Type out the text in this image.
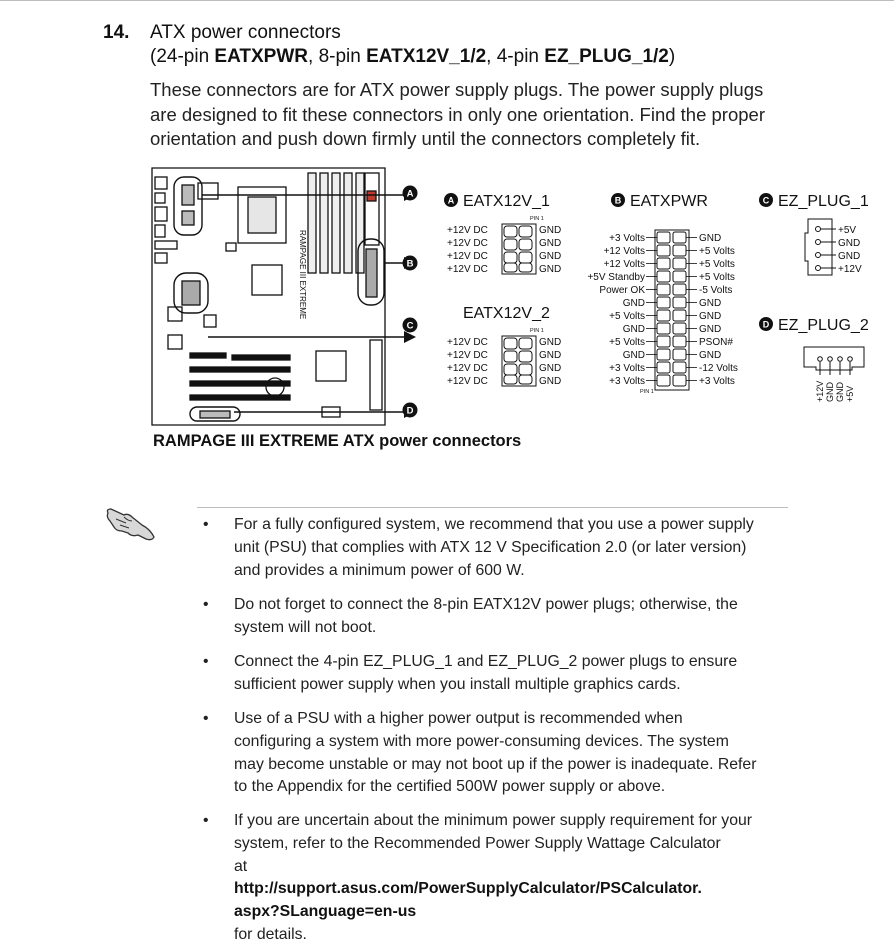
14. ATX power connectors
(24-pin EATXPWR, 8-pin EATX12V_1/2, 4-pin EZ_PLUG_1/2)

These connectors are for ATX power supply plugs. The power supply plugs
are designed to fit these connectors in only one orientation. Find the proper
orientation and push down firmly until the connectors completely fit.

RAMPAGE III EXTREME
A
B
C
D
A EATX12V_1
PIN 1
+12V DC
+12V DC
+12V DC
+12V DC
GND
GND
GND
GND
EATX12V_2
PIN 1
+12V DC
+12V DC
+12V DC
+12V DC
GND
GND
GND
GND
B EATXPWR
+3 Volts
+12 Volts
+12 Volts
+5V Standby
Power OK
GND
+5 Volts
GND
+5 Volts
GND
+3 Volts
+3 Volts
GND
+5 Volts
+5 Volts
+5 Volts
-5 Volts
GND
GND
GND
PSON#
GND
-12 Volts
+3 Volts
PIN 1
C EZ_PLUG_1
+5V
GND
GND
+12V
D EZ_PLUG_2
+12V GND GND +5V
RAMPAGE III EXTREME ATX power connectors
• For a fully configured system, we recommend that you use a power supply
unit (PSU) that complies with ATX 12 V Specification 2.0 (or later version)
and provides a minimum power of 600 W.
• Do not forget to connect the 8-pin EATX12V power plugs; otherwise, the
system will not boot.
• Connect the 4-pin EZ_PLUG_1 and EZ_PLUG_2 power plugs to ensure
sufficient power supply when you install multiple graphics cards.
• Use of a PSU with a higher power output is recommended when
configuring a system with more power-consuming devices. The system
may become unstable or may not boot up if the power is inadequate. Refer
to the Appendix for the certified 500W power supply or above.
• If you are uncertain about the minimum power supply requirement for your
system, refer to the Recommended Power Supply Wattage Calculator
at
http://support.asus.com/PowerSupplyCalculator/PSCalculator.
aspx?SLanguage=en-us
for details.
